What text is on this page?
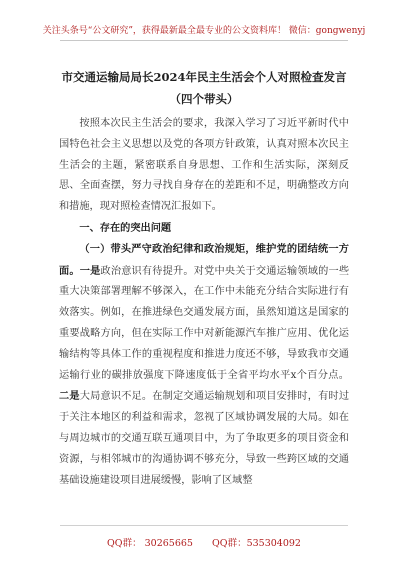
关注头条号“公文研究”，获得最新最全最专业的公文资料库！ 微信：gongwenyj
市交通运输局局长2024年民主生活会个人对照检查发言（四个带头）

按照本次民主生活会的要求，我深入学习了习近平新时代中国特色社会主义思想以及党的各项方针政策，认真对照本次民主生活会的主题，紧密联系自身思想、工作和生活实际，深刻反思、全面查摆，努力寻找自身存在的差距和不足，明确整改方向和措施，现对照检查情况汇报如下。

一、存在的突出问题

（一）带头严守政治纪律和政治规矩，维护党的团结统一方面。一是政治意识有待提升。对党中央关于交通运输领域的一些重大决策部署理解不够深入，在工作中未能充分结合实际进行有效落实。例如，在推进绿色交通发展方面，虽然知道这是国家的重要战略方向，但在实际工作中对新能源汽车推广应用、优化运输结构等具体工作的重视程度和推进力度还不够，导致我市交通运输行业的碳排放强度下降速度低于全省平均水平x个百分点。二是大局意识不足。在制定交通运输规划和项目安排时，有时过于关注本地区的利益和需求，忽视了区域协调发展的大局。如在与周边城市的交通互联互通项目中，为了争取更多的项目资金和资源，与相邻城市的沟通协调不够充分，导致一些跨区域的交通基础设施建设项目进展缓慢，影响了区域整

QQ群： 30265665 QQ群：535304092
